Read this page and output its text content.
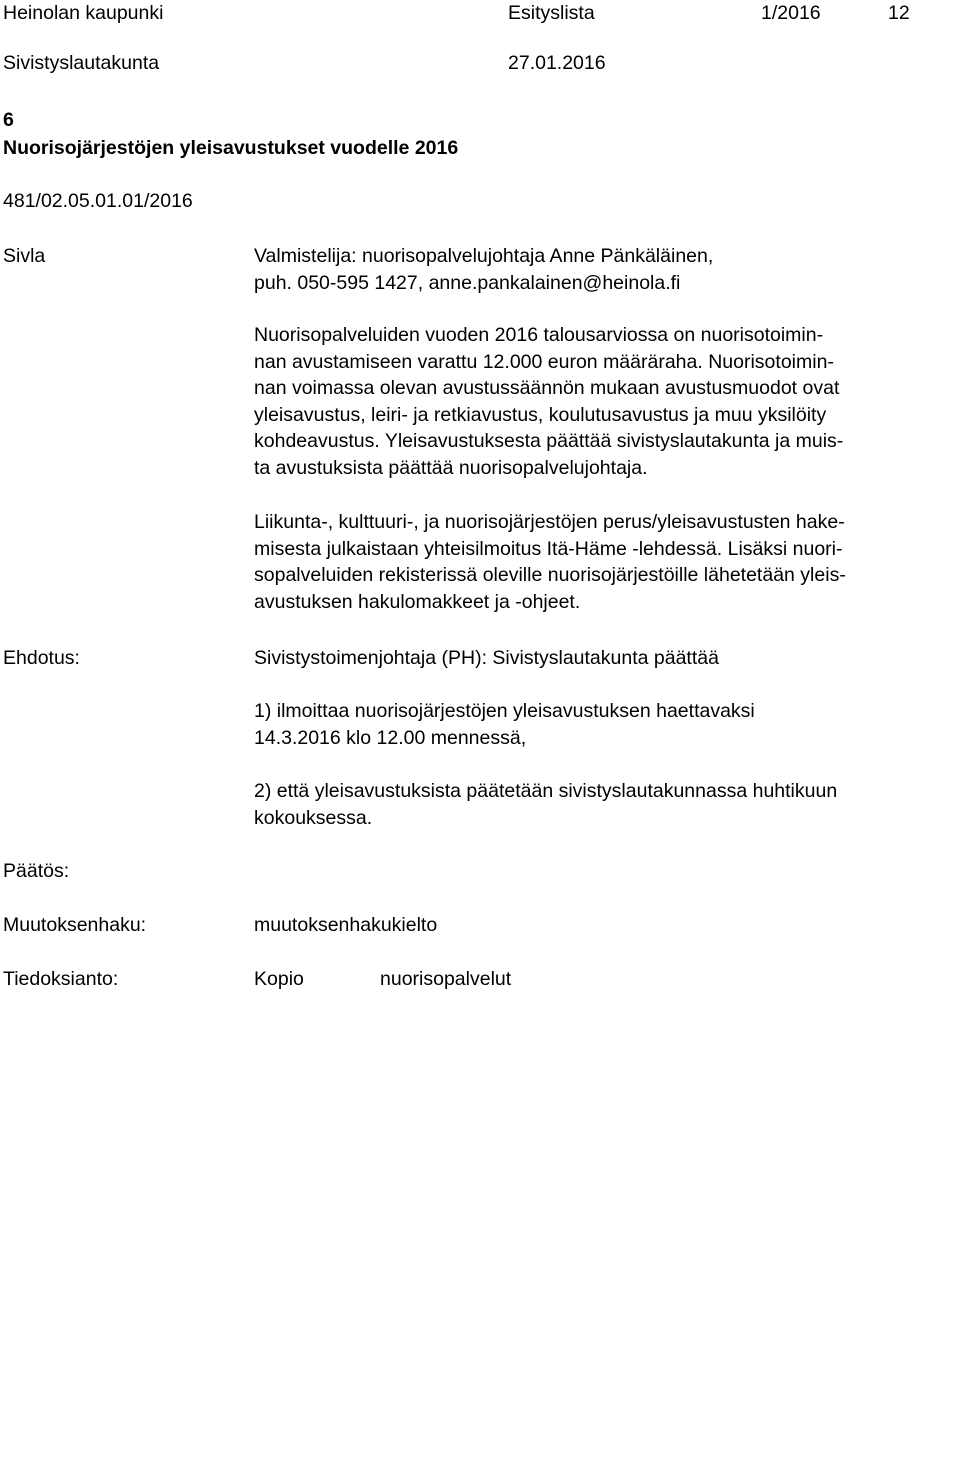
Heinolan kaupunki	Esityslista	1/2016	12
Sivistyslautakunta	27.01.2016
6
Nuorisojärjestöjen yleisavustukset vuodelle 2016
481/02.05.01.01/2016
Sivla	Valmistelija: nuorisopalvelujohtaja Anne Pänkäläinen,

puh. 050-595 1427, anne.pankalainen@heinola.fi

Nuorisopalveluiden vuoden 2016 talousarviossa on nuorisotoimin-

nan avustamiseen varattu 12.000 euron määräraha. Nuorisotoimin-

nan voimassa olevan avustussäännön mukaan avustusmuodot ovat

yleisavustus, leiri- ja retkiavustus, koulutusavustus ja muu yksilöity

kohdeavustus. Yleisavustuksesta päättää sivistyslautakunta ja muis-

ta avustuksista päättää nuorisopalvelujohtaja.

Liikunta-, kulttuuri-, ja nuorisojärjestöjen perus/yleisavustusten hake-

misesta julkaistaan yhteisilmoitus Itä-Häme -lehdessä. Lisäksi nuori-

sopalveluiden rekisterissä oleville nuorisojärjestöille lähetetään yleis-

avustuksen hakulomakkeet ja -ohjeet.

Ehdotus:	Sivistystoimenjohtaja (PH): Sivistyslautakunta päättää

1) ilmoittaa nuorisojärjestöjen yleisavustuksen haettavaksi

14.3.2016 klo 12.00 mennessä,

2) että yleisavustuksista päätetään sivistyslautakunnassa huhtikuun

kokouksessa.

Päätös:
Muutoksenhaku:	muutoksenhakukielto
Tiedoksianto:	Kopio	nuorisopalvelut
